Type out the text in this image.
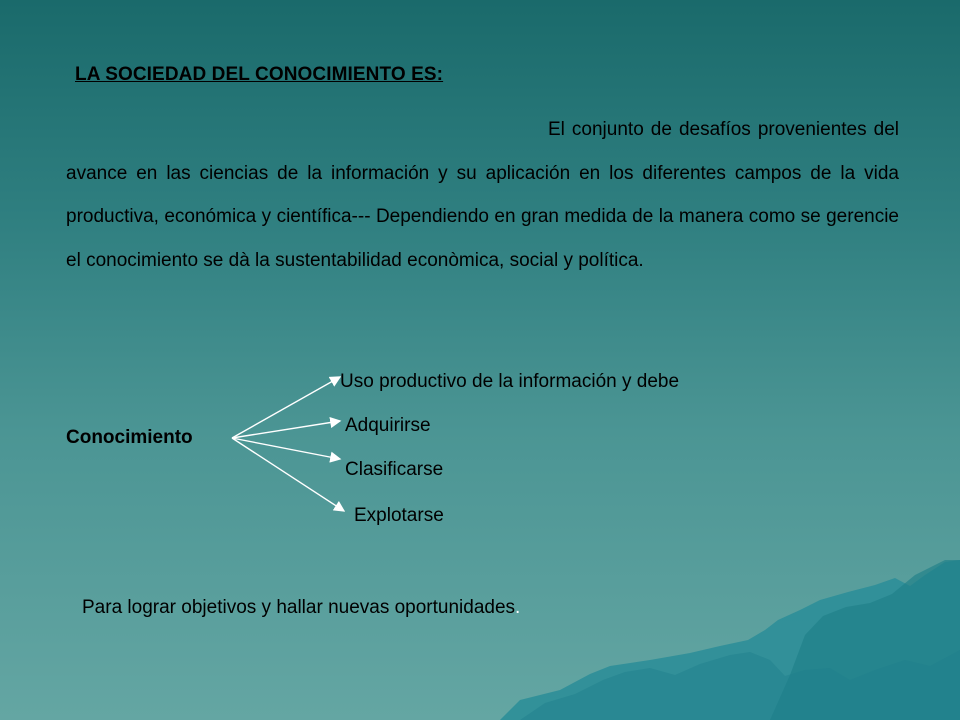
LA SOCIEDAD DEL CONOCIMIENTO ES:
El conjunto de desafíos provenientes del avance en las ciencias de la información y su aplicación en los diferentes campos de la vida productiva, económica y científica--- Dependiendo en gran medida de la manera como se gerencie el conocimiento se dà la sustentabilidad econòmica, social y política.
Conocimiento
Uso productivo de la información y debe
Adquirirse
Clasificarse
Explotarse
Para lograr objetivos y hallar nuevas oportunidades.
